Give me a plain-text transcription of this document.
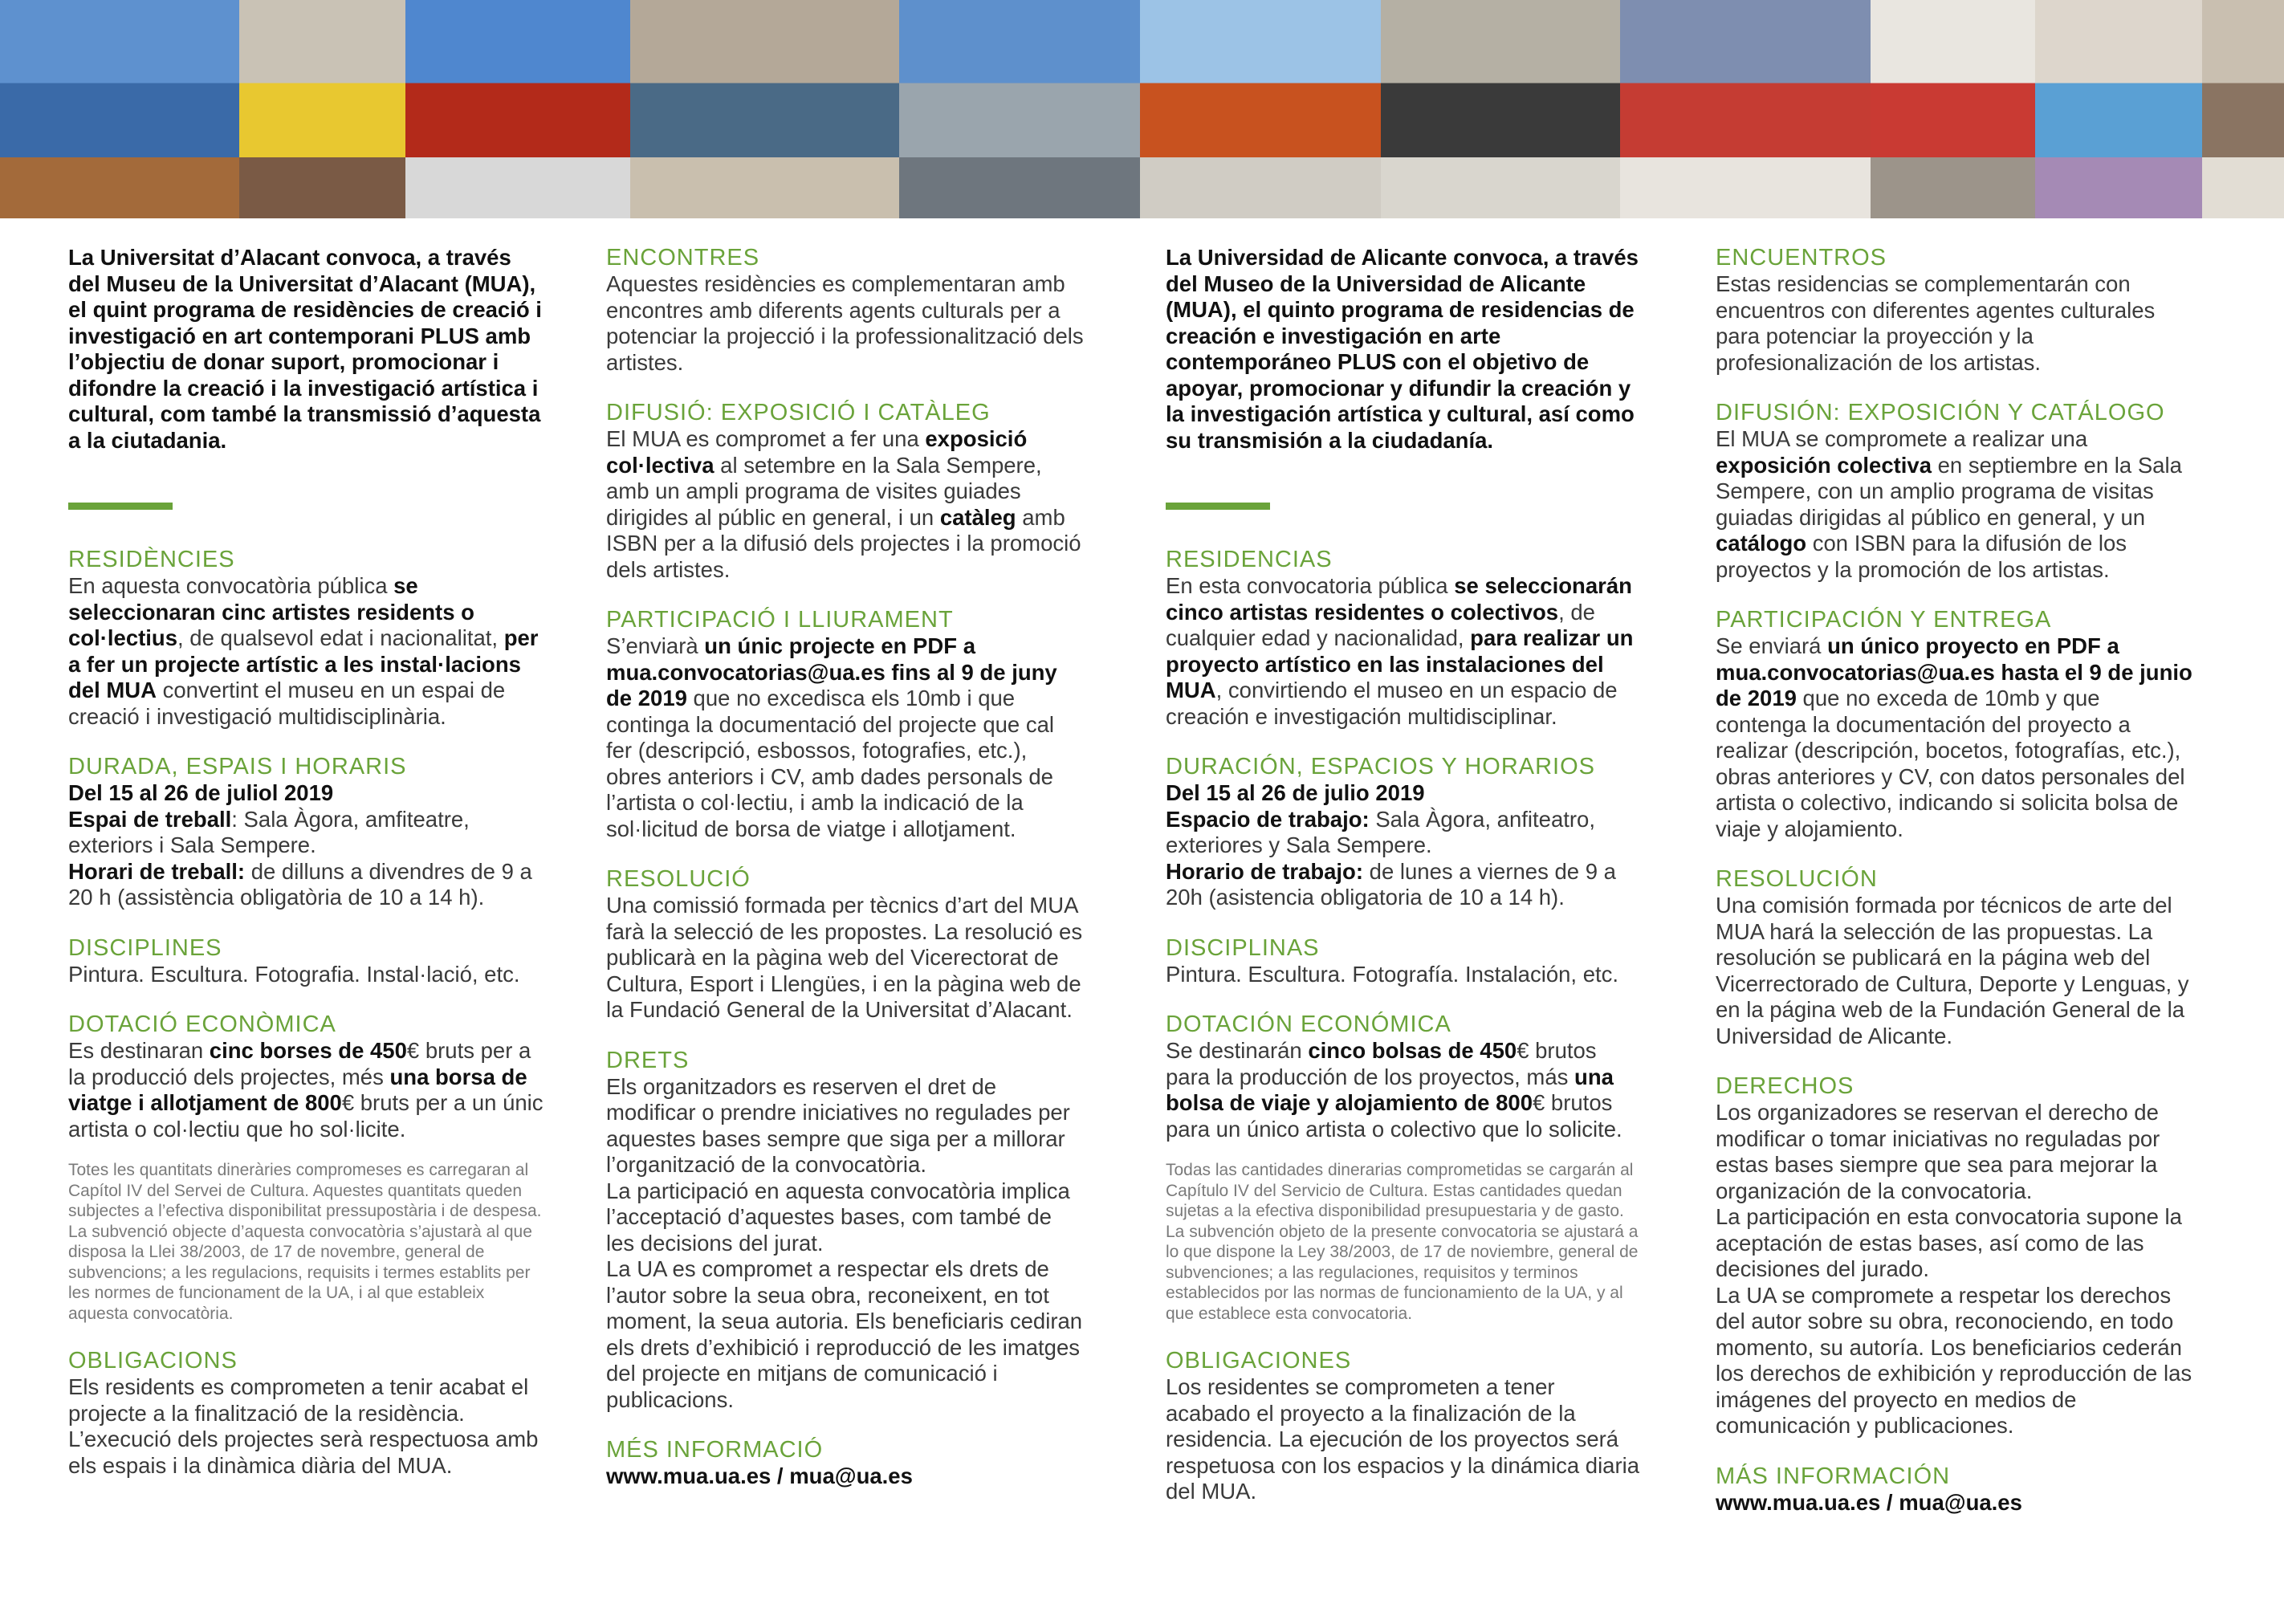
La Universitat d’Alacant convoca, a través del Museu de la Universitat d’Alacant (MUA), el quint programa de residències de creació i investigació en art contemporani PLUS amb l’objectiu de donar suport, promocionar i difondre la creació i la investigació artística i cultural, com també la transmissió d’aquesta a la ciutadania.

RESIDÈNCIES

En aquesta convocatòria pública se seleccionaran cinc artistes residents o col·lectius, de qualsevol edat i nacionalitat, per a fer un projecte artístic a les instal·lacions del MUA convertint el museu en un espai de creació i investigació multidisciplinària.

DURADA, ESPAIS I HORARIS

Del 15 al 26 de juliol 2019
Espai de treball: Sala Àgora, amfiteatre, exteriors i Sala Sempere.
Horari de treball: de dilluns a divendres de 9 a 20 h (assistència obligatòria de 10 a 14 h).

DISCIPLINES

Pintura. Escultura. Fotografia. Instal·lació, etc.

DOTACIÓ ECONÒMICA

Es destinaran cinc borses de 450€ bruts per a la producció dels projectes, més una borsa de viatge i allotjament de 800€ bruts per a un únic artista o col·lectiu que ho sol·licite.

Totes les quantitats dineràries compromeses es carregaran al Capítol IV del Servei de Cultura. Aquestes quantitats queden subjectes a l’efectiva disponibilitat pressupostària i de despesa.

La subvenció objecte d’aquesta convocatòria s’ajustarà al que disposa la Llei 38/2003, de 17 de novembre, general de subvencions; a les regulacions, requisits i termes establits per les normes de funcionament de la UA, i al que estableix aquesta convocatòria.

OBLIGACIONS

Els residents es comprometen a tenir acabat el projecte a la finalització de la residència. L’execució dels projectes serà respectuosa amb els espais i la dinàmica diària del MUA.

ENCONTRES

Aquestes residències es complementaran amb encontres amb diferents agents culturals per a potenciar la projecció i la professionalització dels artistes.

DIFUSIÓ: EXPOSICIÓ I CATÀLEG

El MUA es compromet a fer una exposició col·lectiva al setembre en la Sala Sempere, amb un ampli programa de visites guiades dirigides al públic en general, i un catàleg amb ISBN per a la difusió dels projectes i la promoció dels artistes.

PARTICIPACIÓ I LLIURAMENT

S’enviarà un únic projecte en PDF a mua.convocatorias@ua.es fins al 9 de juny de 2019 que no excedisca els 10mb i que continga la documentació del projecte que cal fer (descripció, esbossos, fotografies, etc.), obres anteriors i CV, amb dades personals de l’artista o col·lectiu, i amb la indicació de la sol·licitud de borsa de viatge i allotjament.

RESOLUCIÓ

Una comissió formada per tècnics d’art del MUA farà la selecció de les propostes. La resolució es publicarà en la pàgina web del Vicerectorat de Cultura, Esport i Llengües, i en la pàgina web de la Fundació General de la Universitat d’Alacant.

DRETS

Els organitzadors es reserven el dret de modificar o prendre iniciatives no regulades per aquestes bases sempre que siga per a millorar l’organització de la convocatòria.

La participació en aquesta convocatòria implica l’acceptació d’aquestes bases, com també de les decisions del jurat.

La UA es compromet a respectar els drets de l’autor sobre la seua obra, reconeixent, en tot moment, la seua autoria. Els beneficiaris cediran els drets d’exhibició i reproducció de les imatges del projecte en mitjans de comunicació i publicacions.

MÉS INFORMACIÓ

www.mua.ua.es / mua@ua.es

La Universidad de Alicante convoca, a través del Museo de la Universidad de Alicante (MUA), el quinto programa de residencias de creación e investigación en arte contemporáneo PLUS con el objetivo de apoyar, promocionar y difundir la creación y la investigación artística y cultural, así como su transmisión a la ciudadanía.

RESIDENCIAS

En esta convocatoria pública se seleccionarán cinco artistas residentes o colectivos, de cualquier edad y nacionalidad, para realizar un proyecto artístico en las instalaciones del MUA, convirtiendo el museo en un espacio de creación e investigación multidisciplinar.

DURACIÓN, ESPACIOS Y HORARIOS

Del 15 al 26 de julio 2019
Espacio de trabajo: Sala Àgora, anfiteatro, exteriores y Sala Sempere.
Horario de trabajo: de lunes a viernes de 9 a 20h (asistencia obligatoria de 10 a 14 h).

DISCIPLINAS

Pintura. Escultura. Fotografía. Instalación, etc.

DOTACIÓN ECONÓMICA

Se destinarán cinco bolsas de 450€ brutos para la producción de los proyectos, más una bolsa de viaje y alojamiento de 800€ brutos para un único artista o colectivo que lo solicite.

Todas las cantidades dinerarias comprometidas se cargarán al Capítulo IV del Servicio de Cultura. Estas cantidades quedan sujetas a la efectiva disponibilidad presupuestaria y de gasto.

La subvención objeto de la presente convocatoria se ajustará a lo que dispone la Ley 38/2003, de 17 de noviembre, general de subvenciones; a las regulaciones, requisitos y terminos establecidos por las normas de funcionamiento de la UA, y al que establece esta convocatoria.

OBLIGACIONES

Los residentes se comprometen a tener acabado el proyecto a la finalización de la residencia. La ejecución de los proyectos será respetuosa con los espacios y la dinámica diaria del MUA.

ENCUENTROS

Estas residencias se complementarán con encuentros con diferentes agentes culturales para potenciar la proyección y la profesionalización de los artistas.

DIFUSIÓN: EXPOSICIÓN Y CATÁLOGO

El MUA se compromete a realizar una exposición colectiva en septiembre en la Sala Sempere, con un amplio programa de visitas guiadas dirigidas al público en general, y un catálogo con ISBN para la difusión de los proyectos y la promoción de los artistas.

PARTICIPACIÓN Y ENTREGA

Se enviará un único proyecto en PDF a mua.convocatorias@ua.es hasta el 9 de junio de 2019 que no exceda de 10mb y que contenga la documentación del proyecto a realizar (descripción, bocetos, fotografías, etc.), obras anteriores y CV, con datos personales del artista o colectivo, indicando si solicita bolsa de viaje y alojamiento.

RESOLUCIÓN

Una comisión formada por técnicos de arte del MUA hará la selección de las propuestas. La resolución se publicará en la página web del Vicerrectorado de Cultura, Deporte y Lenguas, y en la página web de la Fundación General de la Universidad de Alicante.

DERECHOS

Los organizadores se reservan el derecho de modificar o tomar iniciativas no reguladas por estas bases siempre que sea para mejorar la organización de la convocatoria.

La participación en esta convocatoria supone la aceptación de estas bases, así como de las decisiones del jurado.

La UA se compromete a respetar los derechos del autor sobre su obra, reconociendo, en todo momento, su autoría. Los beneficiarios cederán los derechos de exhibición y reproducción de las imágenes del proyecto en medios de comunicación y publicaciones.

MÁS INFORMACIÓN

www.mua.ua.es / mua@ua.es
